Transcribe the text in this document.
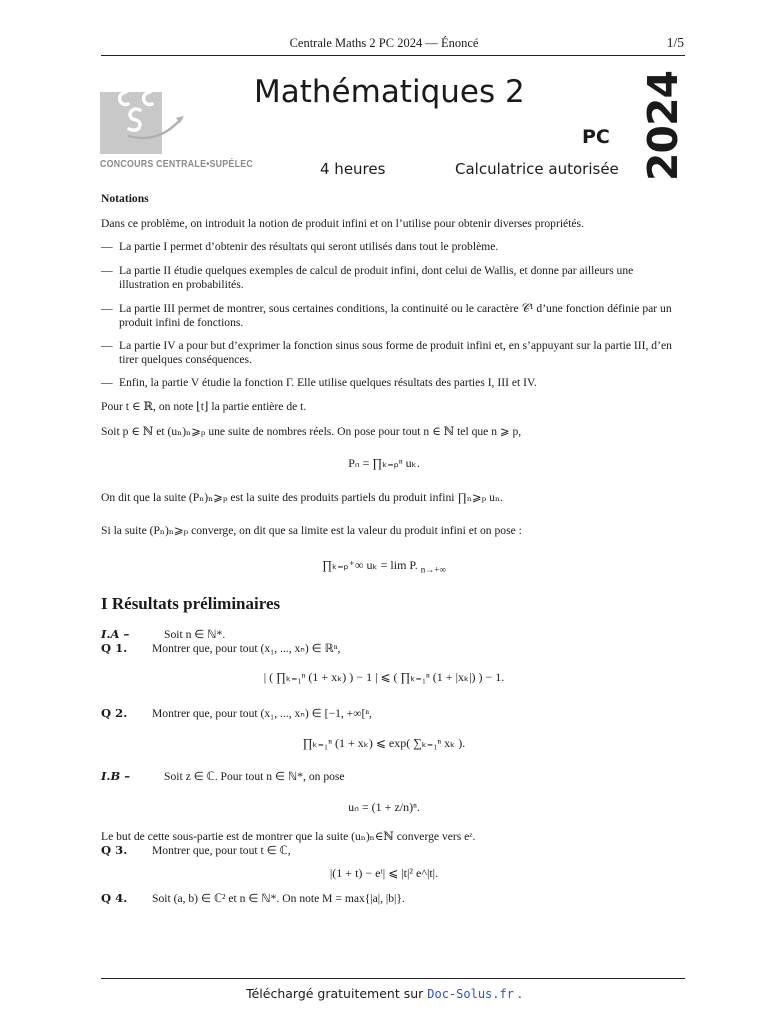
Centrale Maths 2 PC 2024 — Énoncé	1/5
CONCOURS CENTRALE•SUPÉLEC
Mathématiques 2
PC
4 heures	Calculatrice autorisée 2024
Notations
Dans ce problème, on introduit la notion de produit infini et on l’utilise pour obtenir diverses propriétés.
— La partie I permet d’obtenir des résultats qui seront utilisés dans tout le problème.
— La partie II étudie quelques exemples de calcul de produit infini, dont celui de Wallis, et donne par ailleurs une illustration en probabilités.
— La partie III permet de montrer, sous certaines conditions, la continuité ou le caractère 𝒞¹ d’une fonction définie par un produit infini de fonctions.
— La partie IV a pour but d’exprimer la fonction sinus sous forme de produit infini et, en s’appuyant sur la partie III, d’en tirer quelques conséquences.
— Enfin, la partie V étudie la fonction Γ. Elle utilise quelques résultats des parties I, III et IV.
Pour t ∈ ℝ, on note ⌊t⌋ la partie entière de t.
Soit p ∈ ℕ et (uₙ)ₙ⩾ₚ une suite de nombres réels. On pose pour tout n ∈ ℕ tel que n ⩾ p,
Pₙ = ∏ₖ₌ₚⁿ uₖ.
On dit que la suite (Pₙ)ₙ⩾ₚ est la suite des produits partiels du produit infini ∏ₙ⩾ₚ uₙ.
Si la suite (Pₙ)ₙ⩾ₚ converge, on dit que sa limite est la valeur du produit infini et on pose :
∏ₖ₌ₚ⁺∞ uₖ = lim P. $_{n\to+\infty}$
I Résultats préliminaires
I.A –	Soit n ∈ ℕ*.
Q 1. Montrer que, pour tout (x₁, ..., xₙ) ∈ ℝⁿ,
| ( ∏ₖ₌₁ⁿ (1 + xₖ) ) − 1 | ⩽ ( ∏ₖ₌₁ⁿ (1 + |xₖ|) ) − 1.
Q 2. Montrer que, pour tout (x₁, ..., xₙ) ∈ [−1, +∞[ⁿ,
∏ₖ₌₁ⁿ (1 + xₖ) ⩽ exp( ∑ₖ₌₁ⁿ xₖ ).
I.B –	Soit z ∈ ℂ. Pour tout n ∈ ℕ*, on pose
uₙ = (1 + z/n)ⁿ.
Le but de cette sous-partie est de montrer que la suite (uₙ)ₙ∈ℕ converge vers eᶻ.
Q 3. Montrer que, pour tout t ∈ ℂ,
|(1 + t) − eᵗ| ⩽ |t|² e^|t|.
Q 4. Soit (a, b) ∈ ℂ² et n ∈ ℕ*. On note M = max{|a|, |b|}.
Téléchargé gratuitement sur Doc-Solus.fr .
